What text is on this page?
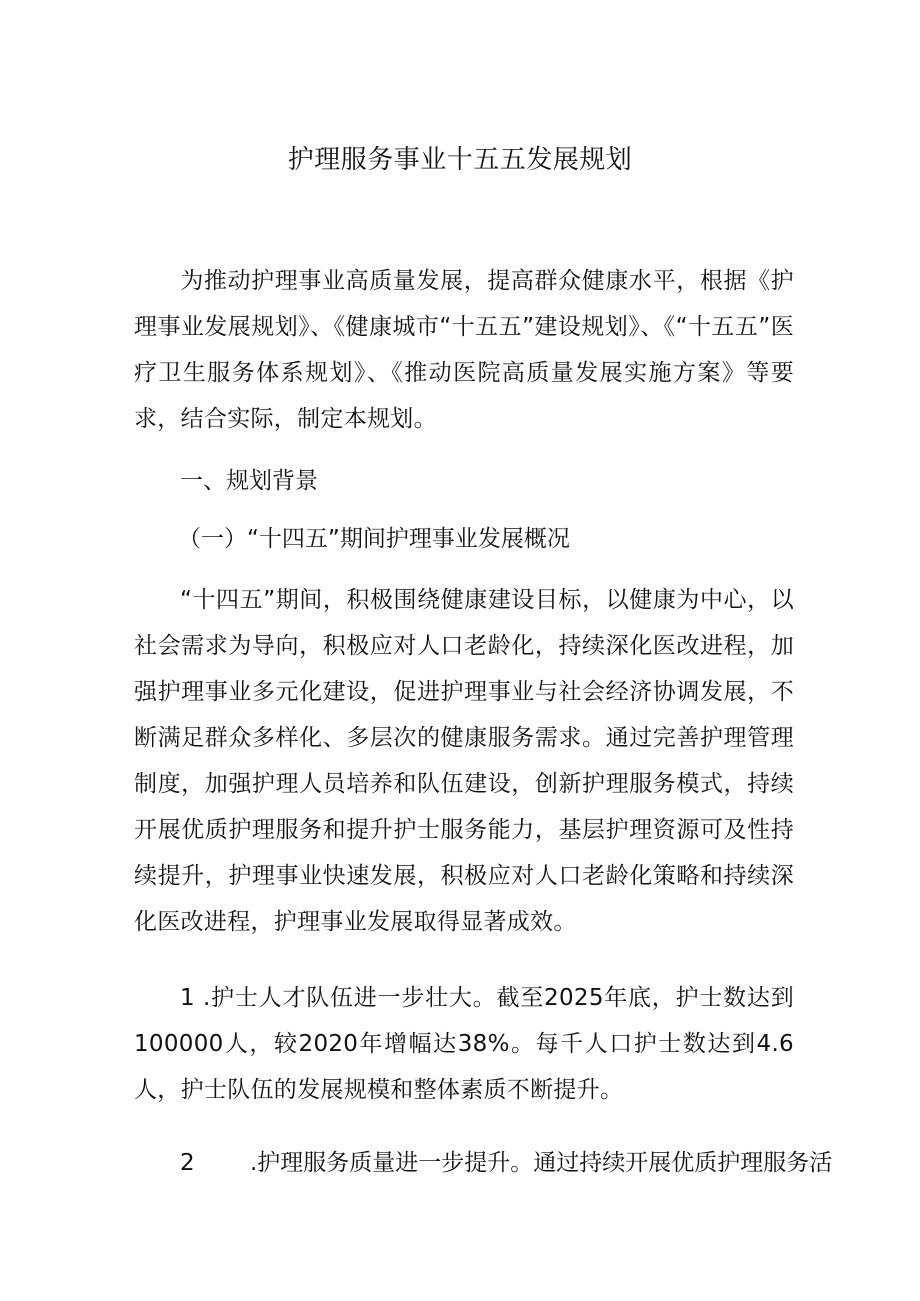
护理服务事业十五五发展规划

为推动护理事业高质量发展，提高群众健康水平，根据《护理事业发展规划》、《健康城市“十五五”建设规划》、《“十五五”医疗卫生服务体系规划》、《推动医院高质量发展实施方案》等要求，结合实际，制定本规划。

一、规划背景
（一）“十四五”期间护理事业发展概况

“十四五”期间，积极围绕健康建设目标，以健康为中心，以社会需求为导向，积极应对人口老龄化，持续深化医改进程，加强护理事业多元化建设，促进护理事业与社会经济协调发展，不断满足群众多样化、多层次的健康服务需求。通过完善护理管理制度，加强护理人员培养和队伍建设，创新护理服务模式，持续开展优质护理服务和提升护士服务能力，基层护理资源可及性持续提升，护理事业快速发展，积极应对人口老龄化策略和持续深化医改进程，护理事业发展取得显著成效。

1 .护士人才队伍进一步壮大。截至2025年底，护士数达到100000人，较2020年增幅达38%。每千人口护士数达到4.6人，护士队伍的发展规模和整体素质不断提升。

2 .护理服务质量进一步提升。通过持续开展优质护理服务活
